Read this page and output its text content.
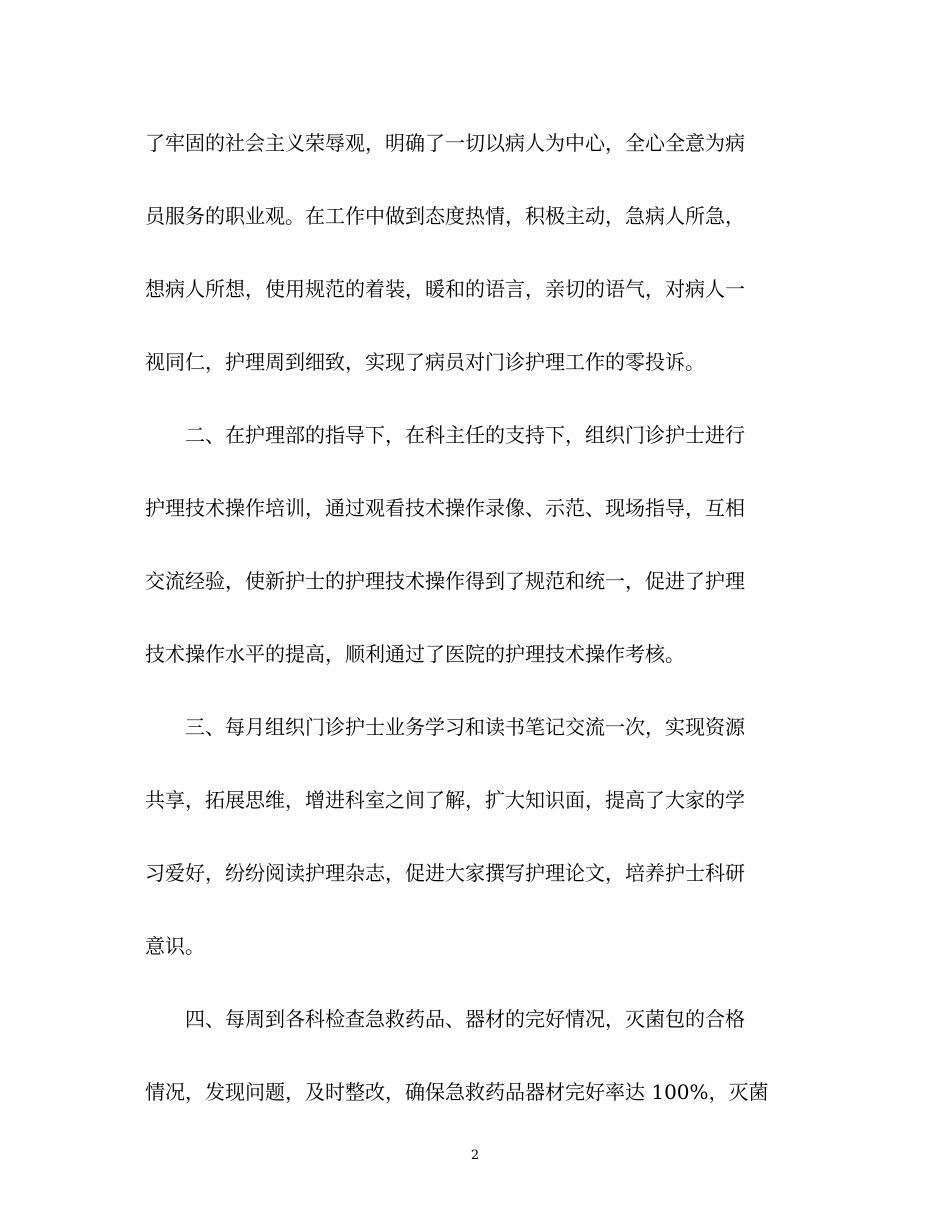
了牢固的社会主义荣辱观，明确了一切以病人为中心，全心全意为病
员服务的职业观。在工作中做到态度热情，积极主动，急病人所急，
想病人所想，使用规范的着装，暖和的语言，亲切的语气，对病人一
视同仁，护理周到细致，实现了病员对门诊护理工作的零投诉。
二、在护理部的指导下，在科主任的支持下，组织门诊护士进行
护理技术操作培训，通过观看技术操作录像、示范、现场指导，互相
交流经验，使新护士的护理技术操作得到了规范和统一，促进了护理
技术操作水平的提高，顺利通过了医院的护理技术操作考核。
三、每月组织门诊护士业务学习和读书笔记交流一次，实现资源
共享，拓展思维，增进科室之间了解，扩大知识面，提高了大家的学
习爱好，纷纷阅读护理杂志，促进大家撰写护理论文，培养护士科研
意识。
四、每周到各科检查急救药品、器材的完好情况，灭菌包的合格
情况，发现问题，及时整改，确保急救药品器材完好率达 100%，灭菌
2
